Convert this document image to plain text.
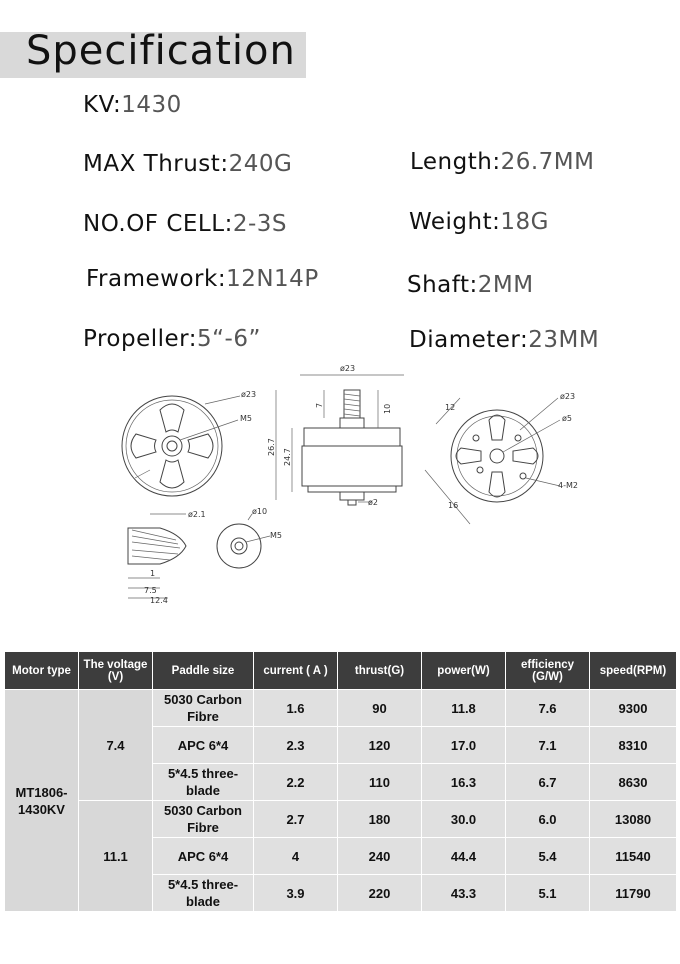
Specification
KV:1430
MAX Thrust:240G
NO.OF CELL:2-3S
Framework:12N14P
Propeller:5“-6”
Length:26.7MM
Weight:18G
Shaft:2MM
Diameter:23MM
ø23
M5
ø23
26.7
24.7
7	10
ø2
ø23
ø5
12
16
4-M2
ø2.1
1
7.5
12.4
ø10
M5
Motor type	The voltage (V)	Paddle size	current ( A )	thrust(G)	power(W)	efficiency (G/W)	speed(RPM)
MT1806-1430KV	7.4	5030 Carbon Fibre	1.6	90	11.8	7.6	9300
		APC 6*4	2.3	120	17.0	7.1	8310
		5*4.5 three-blade	2.2	110	16.3	6.7	8630
	11.1	5030 Carbon Fibre	2.7	180	30.0	6.0	13080
		APC 6*4	4	240	44.4	5.4	11540
		5*4.5 three-blade	3.9	220	43.3	5.1	11790
